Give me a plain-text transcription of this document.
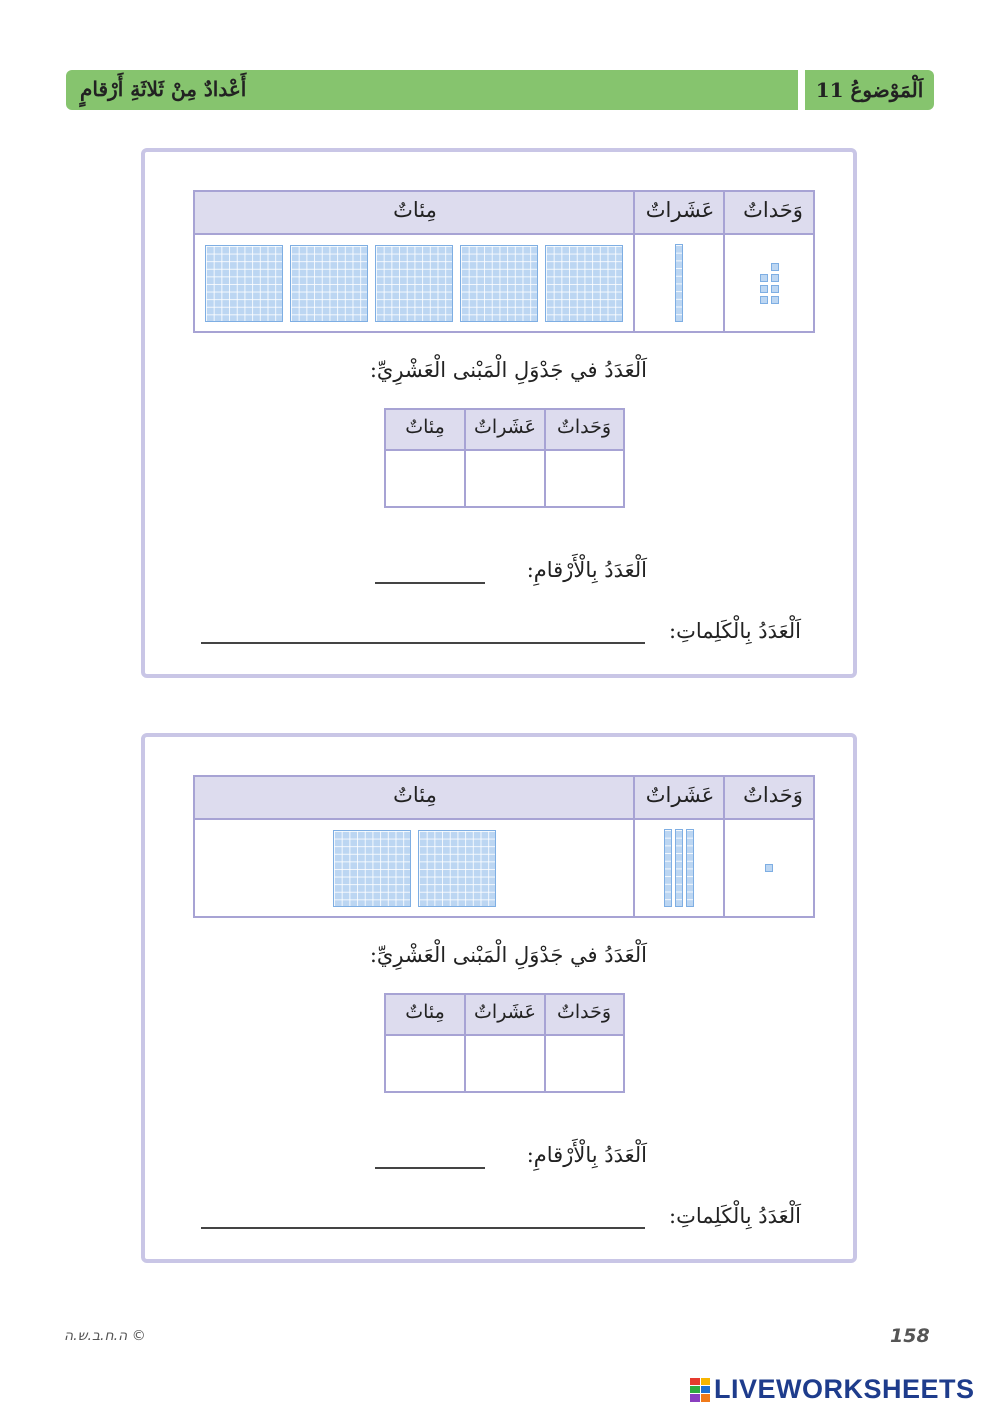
أَعْدادٌ مِنْ ثَلاثَةِ أَرْقامٍ	اَلْمَوْضوعُ 11
وَحَداتٌ
عَشَراتٌ
مِئاتٌ
اَلْعَدَدُ في جَدْوَلِ الْمَبْنى الْعَشْرِيِّ:
وَحَداتٌ
عَشَراتٌ
مِئاتٌ
اَلْعَدَدُ بِالْأَرْقامِ:
اَلْعَدَدُ بِالْكَلِماتِ:
وَحَداتٌ
عَشَراتٌ
مِئاتٌ
اَلْعَدَدُ في جَدْوَلِ الْمَبْنى الْعَشْرِيِّ:
وَحَداتٌ
عَشَراتٌ
مِئاتٌ
اَلْعَدَدُ بِالْأَرْقامِ:
اَلْعَدَدُ بِالْكَلِماتِ:
ה.ח.ב.ש.ה ©	158
LIVEWORKSHEETS
